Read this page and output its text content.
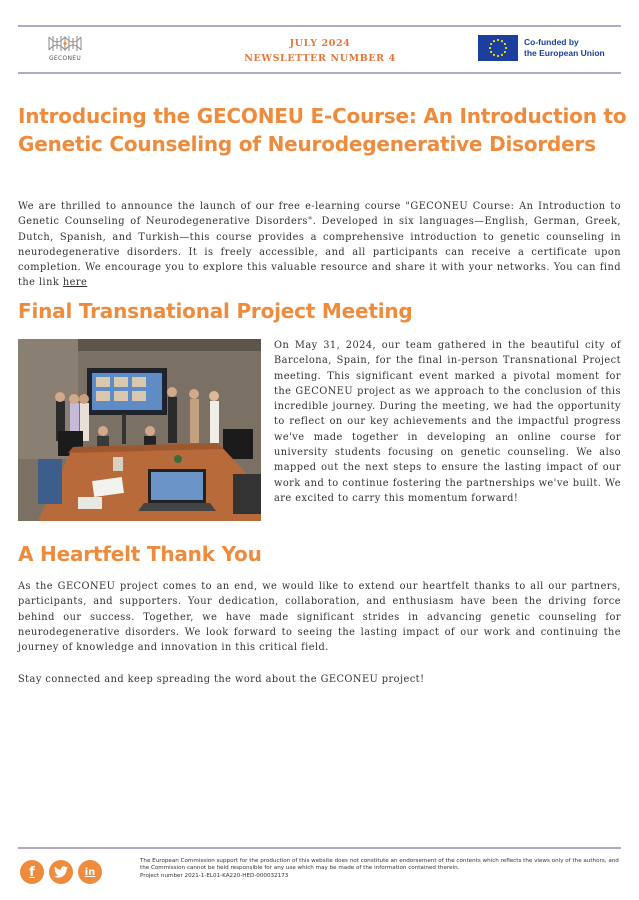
GECONEU
JULY 2024
NEWSLETTER NUMBER 4
Co-funded by
the European Union
Introducing the GECONEU E-Course: An Introduction to Genetic Counseling of Neurodegenerative Disorders
We are thrilled to announce the launch of our free e-learning course "GECONEU Course: An Introduction to Genetic Counseling of Neurodegenerative Disorders". Developed in six languages—English, German, Greek, Dutch, Spanish, and Turkish—this course provides a comprehensive introduction to genetic counseling in neurodegenerative disorders. It is freely accessible, and all participants can receive a certificate upon completion. We encourage you to explore this valuable resource and share it with your networks. You can find the link here
Final Transnational Project Meeting
On May 31, 2024, our team gathered in the beautiful city of Barcelona, Spain, for the final in-person Transnational Project meeting. This significant event marked a pivotal moment for the GECONEU project as we approach to the conclusion of this incredible journey. During the meeting, we had the opportunity to reflect on our key achievements and the impactful progress we've made together in developing an online course for university students focusing on genetic counseling. We also mapped out the next steps to ensure the lasting impact of our work and to continue fostering the partnerships we've built. We are excited to carry this momentum forward!
A Heartfelt Thank You
As the GECONEU project comes to an end, we would like to extend our heartfelt thanks to all our partners, participants, and supporters. Your dedication, collaboration, and enthusiasm have been the driving force behind our success. Together, we have made significant strides in advancing genetic counseling for neurodegenerative disorders. We look forward to seeing the lasting impact of our work and continuing the journey of knowledge and innovation in this critical field.
Stay connected and keep spreading the word about the GECONEU project!
f	in
The European Commission support for the production of this website does not constitute an endorsement of the contents which reflects the views only of the authors, and the Commission cannot be held responsible for any use which may be made of the information contained therein.
Project number 2021-1-EL01-KA220-HED-000032173
